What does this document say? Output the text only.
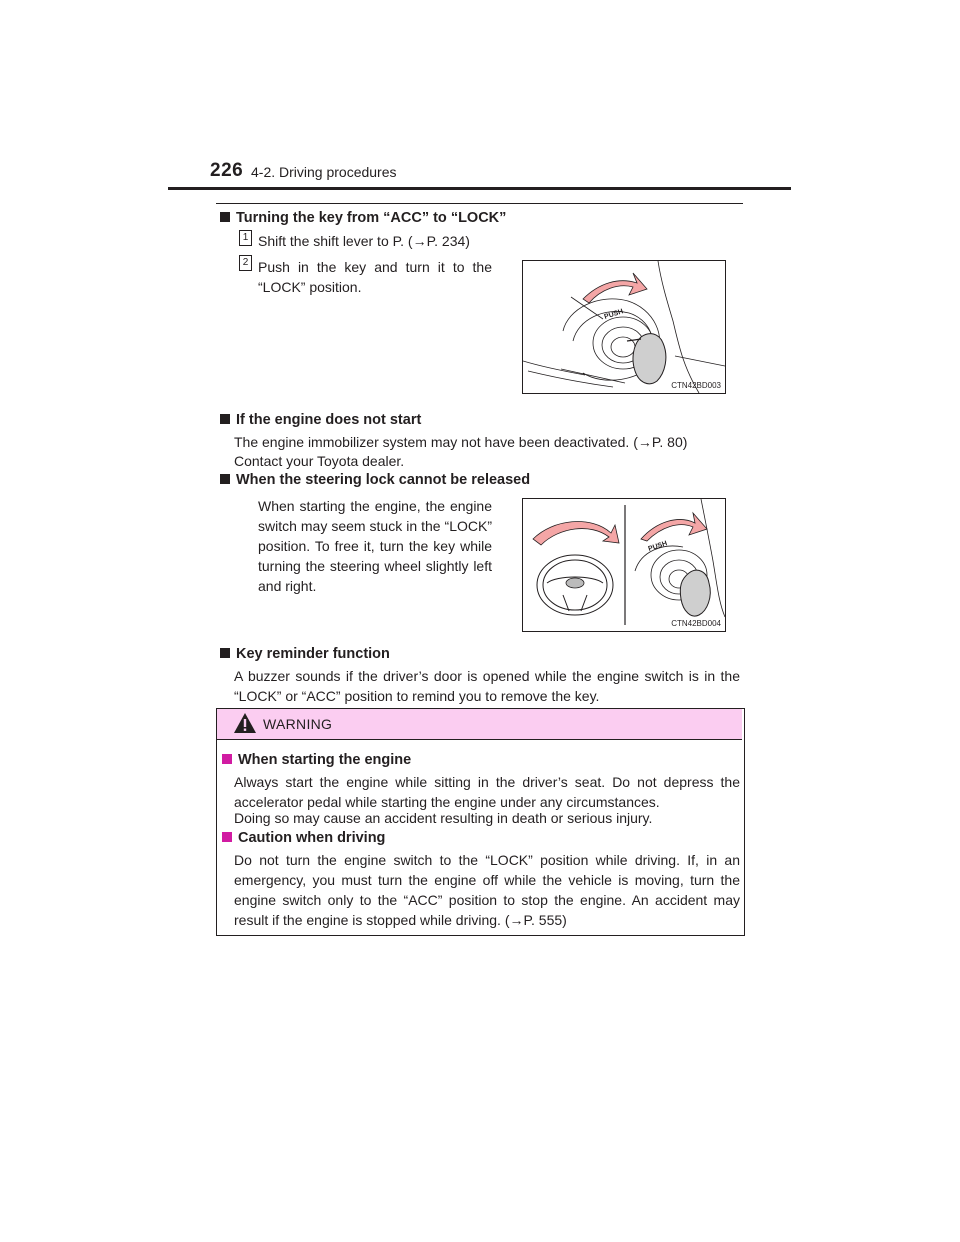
226 4-2. Driving procedures
Turning the key from “ACC” to “LOCK”
1 Shift the shift lever to P. (→P. 234)
2 Push in the key and turn it to the “LOCK” position.
PUSH
CTN42BD003
If the engine does not start
The engine immobilizer system may not have been deactivated. (→P. 80)
Contact your Toyota dealer.
When the steering lock cannot be released
When starting the engine, the engine switch may seem stuck in the “LOCK” position. To free it, turn the key while turning the steering wheel slightly left and right.
PUSH
CTN42BD004
Key reminder function
A buzzer sounds if the driver’s door is opened while the engine switch is in the “LOCK” or “ACC” position to remind you to remove the key.
WARNING
When starting the engine
Always start the engine while sitting in the driver’s seat. Do not depress the accelerator pedal while starting the engine under any circumstances.
Doing so may cause an accident resulting in death or serious injury.
Caution when driving
Do not turn the engine switch to the “LOCK” position while driving. If, in an emergency, you must turn the engine off while the vehicle is moving, turn the engine switch only to the “ACC” position to stop the engine. An accident may result if the engine is stopped while driving. (→P. 555)
